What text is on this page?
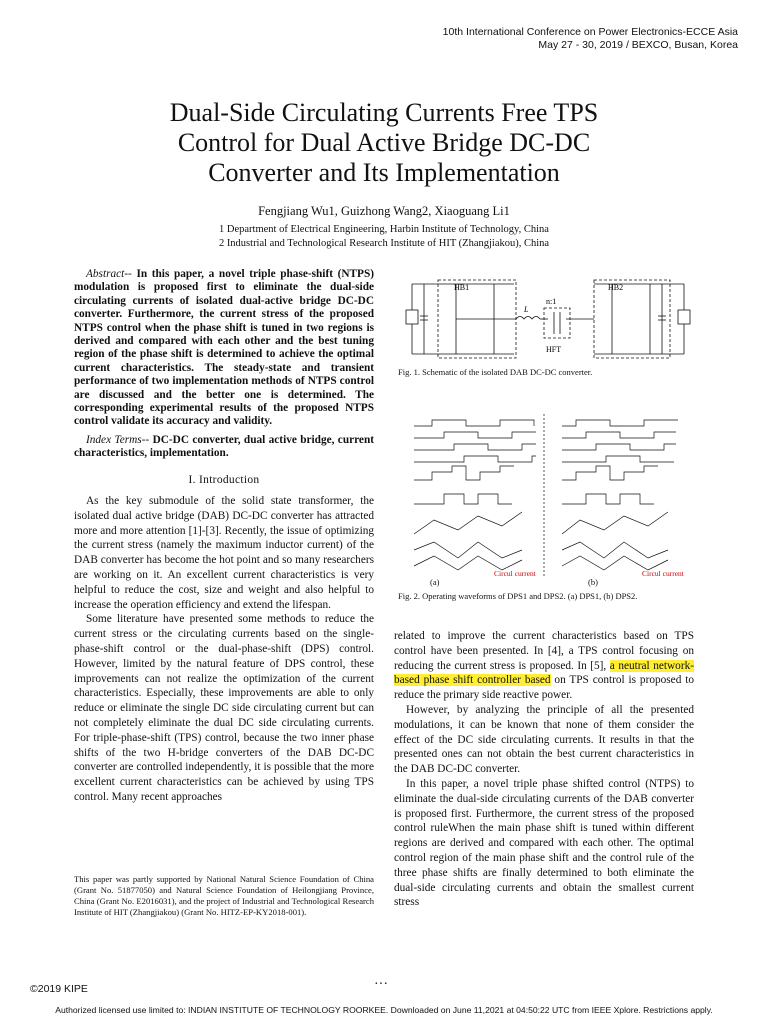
10th International Conference on Power Electronics-ECCE Asia
May 27 - 30, 2019 / BEXCO, Busan, Korea
Dual-Side Circulating Currents Free TPS
Control for Dual Active Bridge DC-DC
Converter and Its Implementation
Fengjiang Wu1, Guizhong Wang2, Xiaoguang Li1
1 Department of Electrical Engineering, Harbin Institute of Technology, China
2 Industrial and Technological Research Institute of HIT (Zhangjiakou), China

Abstract-- In this paper, a novel triple phase-shift (NTPS) modulation is proposed first to eliminate the dual-side circulating currents of isolated dual-active bridge DC-DC converter. Furthermore, the current stress of the proposed NTPS control when the phase shift is tuned in two regions is derived and compared with each other and the best tuning region of the phase shift is determined to achieve the optimal current characteristics. The steady-state and transient performance of two implementation methods of NTPS control are discussed and the better one is determined. The corresponding experimental results of the proposed NTPS control validate its accuracy and validity.

Index Terms-- DC-DC converter, dual active bridge, current characteristics, implementation.

I. Introduction

As the key submodule of the solid state transformer, the isolated dual active bridge (DAB) DC-DC converter has attracted more and more attention [1]-[3]. Recently, the issue of optimizing the current stress (namely the maximum inductor current) of the DAB converter has become the hot point and so many researchers are working on it. An excellent current characteristics is very helpful to reduce the cost, size and weight and also helpful to increase the operation efficiency and extend the lifespan.

Some literature have presented some methods to reduce the current stress or the circulating currents based on the single-phase-shift control or the dual-phase-shift (DPS) control. However, limited by the natural feature of DPS control, these improvements can not realize the optimization of the current characteristics. Especially, these improvements are able to only reduce or eliminate the single DC side circulating current but can not completely eliminate the dual DC side circulating currents. For triple-phase-shift (TPS) control, because the two inner phase shifts of the two H-bridge converters of the DAB DC-DC converter are controlled independently, it is possible that the more excellent current characteristics can be achieved by using TPS control. Many recent approaches

This paper was partly supported by National Natural Science Foundation of China (Grant No. 51877050) and Natural Science Foundation of Heilongjiang Province, China (Grant No. E2016031), and the project of Industrial and Technological Research Institute of HIT (Zhangjiakou) (Grant No. HITZ-EP-KY2018-001).
HB1	HB2
HFT
n:1
L
Fig. 1. Schematic of the isolated DAB DC-DC converter.
Circul current	Circul current
(a)	(b)
Fig. 2. Operating waveforms of DPS1 and DPS2. (a) DPS1, (b) DPS2.

related to improve the current characteristics based on TPS control have been presented. In [4], a TPS control focusing on reducing the current stress is proposed. In [5], a neutral network-based phase shift controller based on TPS control is proposed to reduce the primary side reactive power.

However, by analyzing the principle of all the presented modulations, it can be known that none of them consider the effect of the DC side circulating currents. It results in that the presented ones can not obtain the best current characteristics in the DAB DC-DC converter.

In this paper, a novel triple phase shifted control (NTPS) to eliminate the dual-side circulating currents of the DAB converter is proposed first. Furthermore, the current stress of the proposed control ruleWhen the main phase shift is tuned within different regions are derived and compared with each other. The optimal control region of the main phase shift and the control rule of the three phase shifts are finally determined to both eliminate the dual-side circulating currents and obtain the smallest current stress

©2019 KIPE	···
Authorized licensed use limited to: INDIAN INSTITUTE OF TECHNOLOGY ROORKEE. Downloaded on June 11,2021 at 04:50:22 UTC from IEEE Xplore. Restrictions apply.
